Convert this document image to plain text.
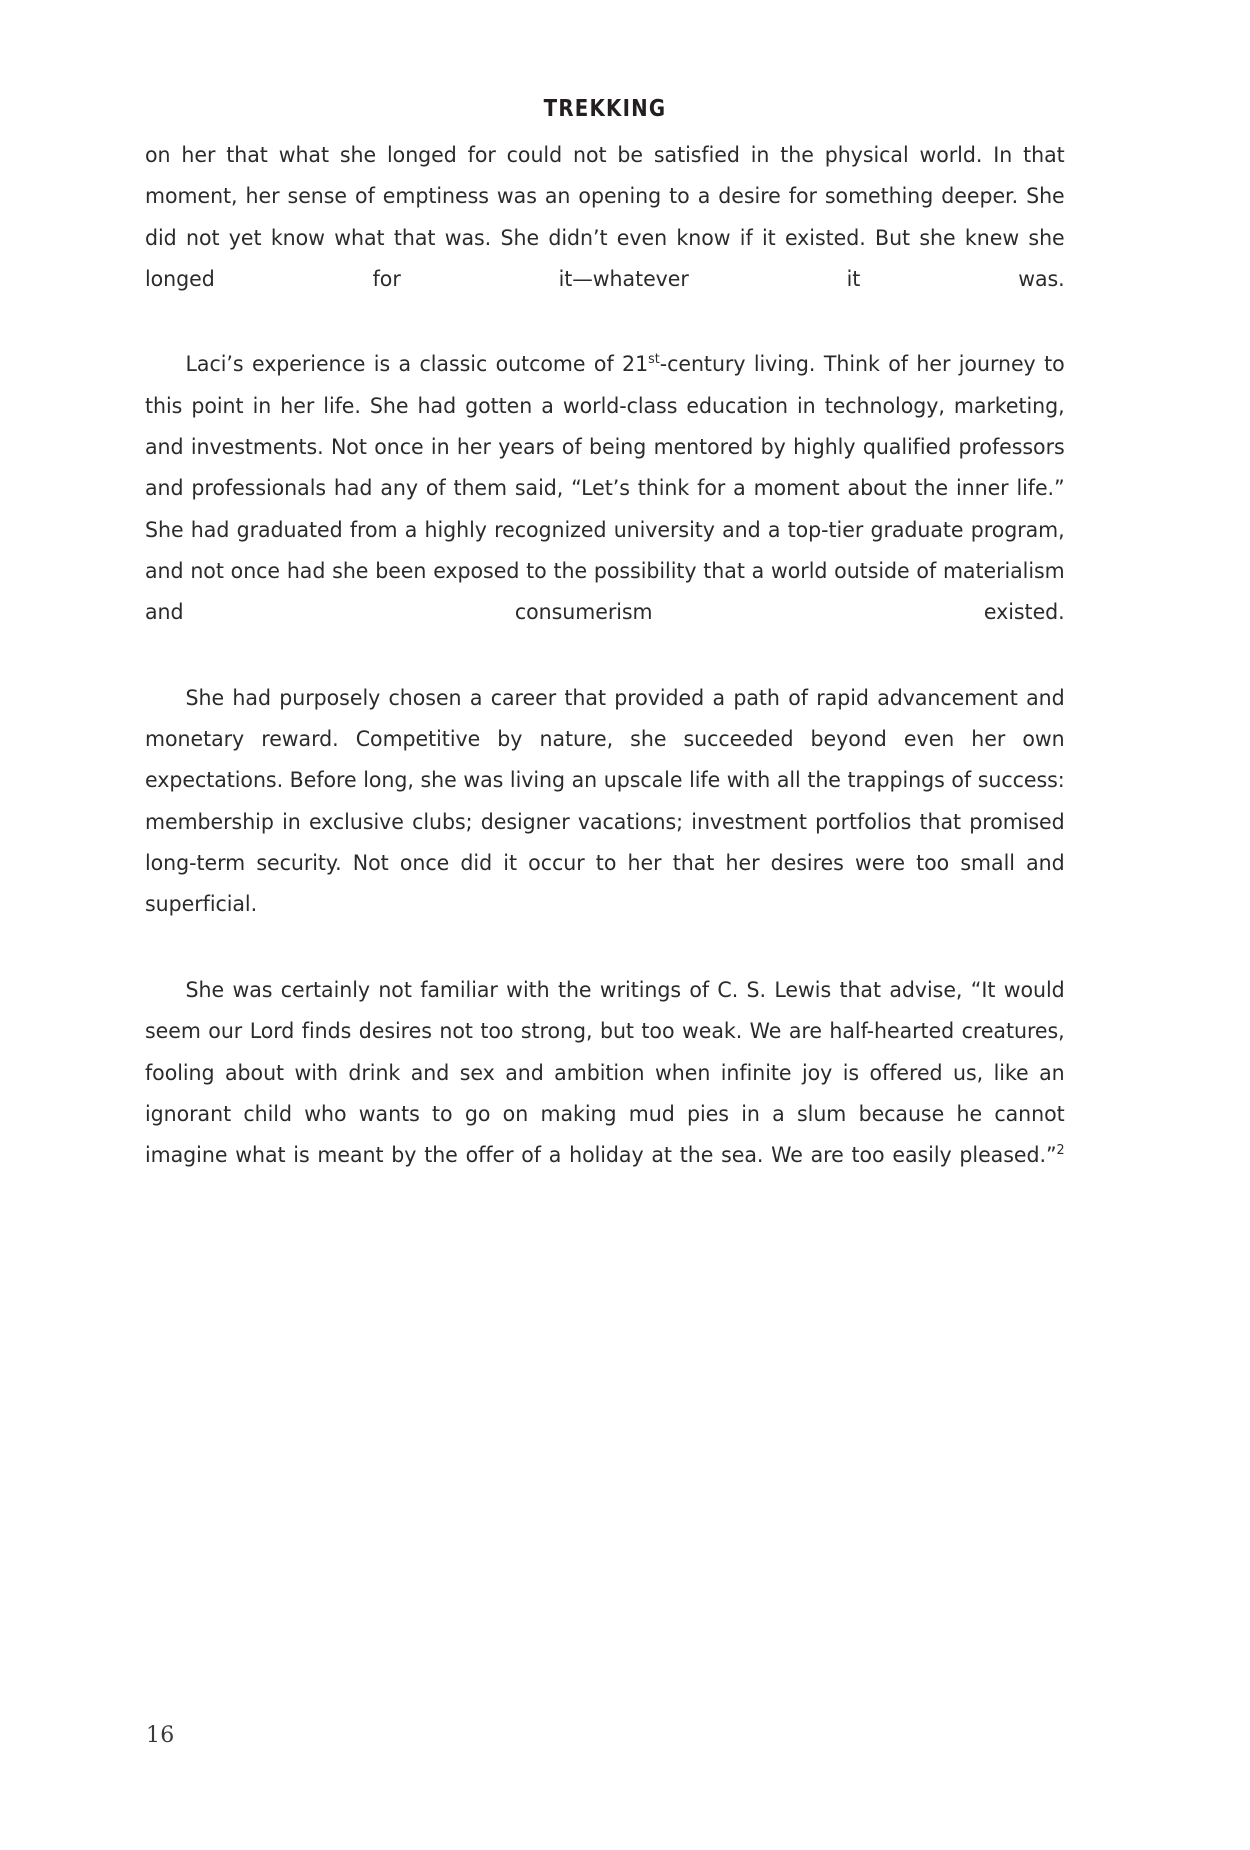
TREKKING

on her that what she longed for could not be satisfied in the physical world. In that moment, her sense of emptiness was an opening to a desire for something deeper. She did not yet know what that was. She didn’t even know if it existed. But she knew she longed for it—whatever it was.

Laci’s experience is a classic outcome of 21st-century living. Think of her journey to this point in her life. She had gotten a world-class education in technology, marketing, and investments. Not once in her years of being mentored by highly qualified professors and professionals had any of them said, “Let’s think for a moment about the inner life.” She had graduated from a highly recognized university and a top-tier graduate program, and not once had she been exposed to the possibility that a world outside of materialism and consumerism existed.

She had purposely chosen a career that provided a path of rapid advancement and monetary reward. Competitive by nature, she succeeded beyond even her own expectations. Before long, she was living an upscale life with all the trappings of success: membership in exclusive clubs; designer vacations; investment portfolios that promised long-term security. Not once did it occur to her that her desires were too small and superficial.

She was certainly not familiar with the writings of C. S. Lewis that advise, “It would seem our Lord finds desires not too strong, but too weak. We are half-hearted creatures, fooling about with drink and sex and ambition when infinite joy is offered us, like an ignorant child who wants to go on making mud pies in a slum because he cannot imagine what is meant by the offer of a holiday at the sea. We are too easily pleased.”$^2$

16
